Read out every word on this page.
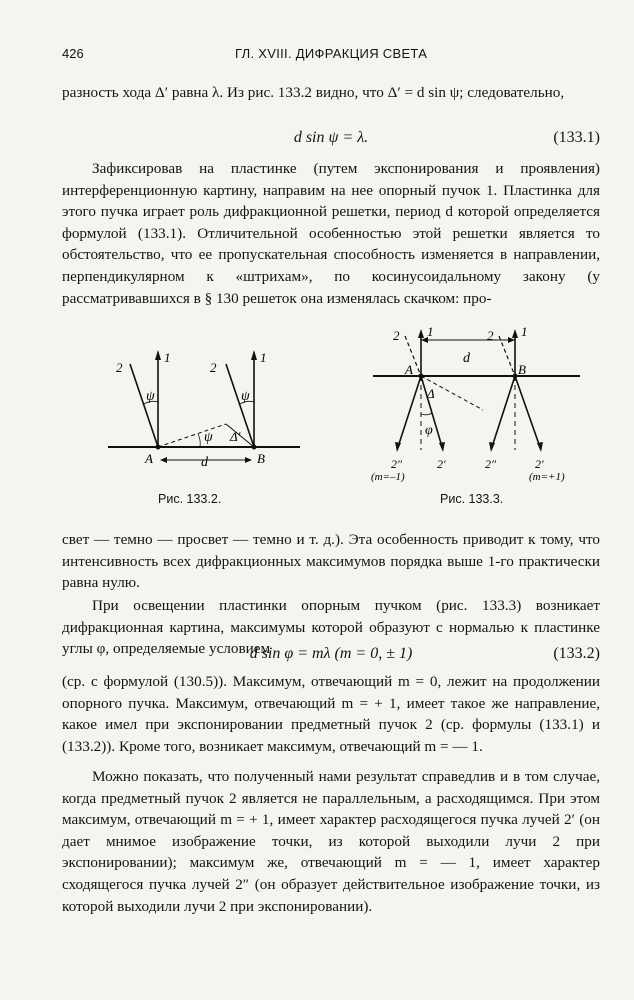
426	ГЛ. XVIII. ДИФРАКЦИЯ СВЕТА
разность хода Δ′ равна λ. Из рис. 133.2 видно, что Δ′ = d sin ψ; следовательно,
d sin ψ = λ.	(133.1)
Зафиксировав на пластинке (путем экспонирования и проявления) интерференционную картину, направим на нее опорный пучок 1. Пластинка для этого пучка играет роль дифракционной решетки, период d которой определяется формулой (133.1). Отличительной особенностью этой решетки является то обстоятельство, что ее пропускательная способность изменяется в направлении, перпендикулярном к «штрихам», по косинусоидальному закону (у рассматривавшихся в § 130 решеток она изменялась скачком: про-
2
1
2
1
ψ	ψ
ψ Δ′
A	B
d
Рис. 133.2.
2 1	2 1
d
A	B
Δ
φ
2″	2′	2″	2′
(m=–1)	(m=+1)
Рис. 133.3.
свет — темно — просвет — темно и т. д.). Эта особенность приводит к тому, что интенсивность всех дифракционных максимумов порядка выше 1-го практически равна нулю.
При освещении пластинки опорным пучком (рис. 133.3) возникает дифракционная картина, максимумы которой образуют с нормалью к пластинке углы φ, определяемые условием
d sin φ = mλ (m = 0, ± 1)	(133.2)
(ср. с формулой (130.5)). Максимум, отвечающий m = 0, лежит на продолжении опорного пучка. Максимум, отвечающий m = + 1, имеет такое же направление, какое имел при экспонировании предметный пучок 2 (ср. формулы (133.1) и (133.2)). Кроме того, возникает максимум, отвечающий m = — 1.
Можно показать, что полученный нами результат справедлив и в том случае, когда предметный пучок 2 является не параллельным, а расходящимся. При этом максимум, отвечающий m = + 1, имеет характер расходящегося пучка лучей 2′ (он дает мнимое изображение точки, из которой выходили лучи 2 при экспонировании); максимум же, отвечающий m = — 1, имеет характер сходящегося пучка лучей 2″ (он образует действительное изображение точки, из которой выходили лучи 2 при экспонировании).
